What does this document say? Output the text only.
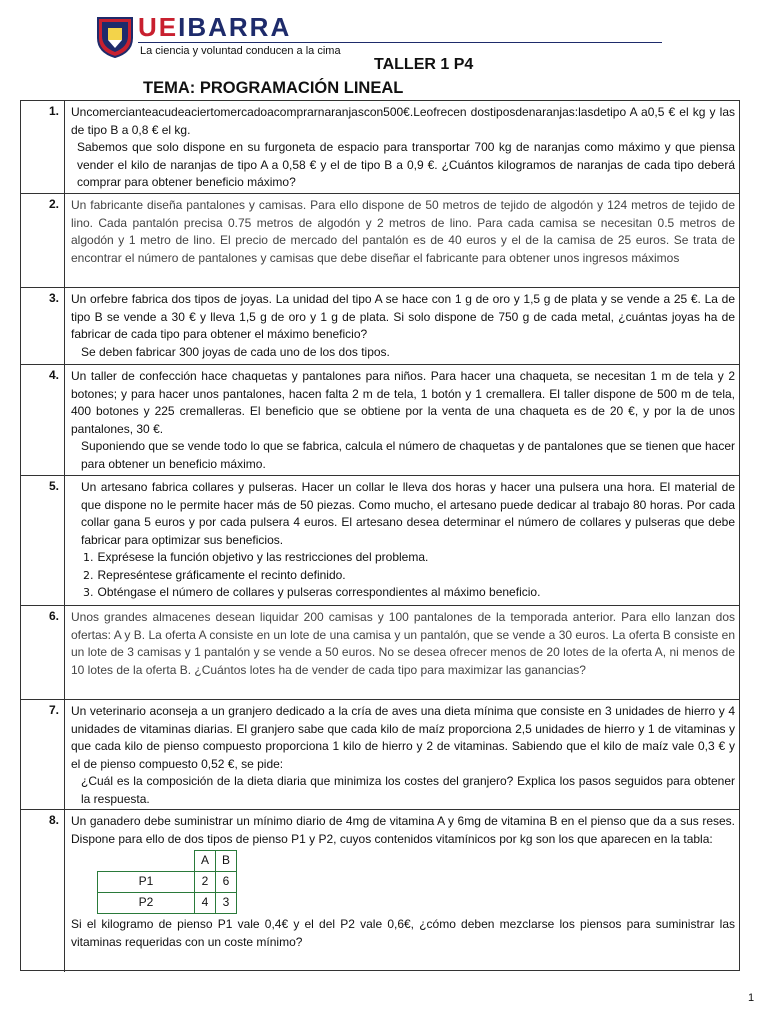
UEIBARRA
La ciencia y voluntad conducen a la cima
TALLER 1 P4
TEMA: PROGRAMACIÓN LINEAL
1.	Uncomercianteacudeaciertomercadoacomprarnaranjascon500€.Leofrecen dostiposdenaranjas:lasdetipo A a0,5 € el kg y las de tipo B a 0,8 € el kg.

Sabemos que solo dispone en su furgoneta de espacio para transportar 700 kg de naranjas como máximo y que piensa vender el kilo de naranjas de tipo A a 0,58 € y el de tipo B a 0,9 €. ¿Cuántos kilogramos de naranjas de cada tipo deberá comprar para obtener beneficio máximo?

2.	Un fabricante diseña pantalones y camisas. Para ello dispone de 50 metros de tejido de algodón y 124 metros de tejido de lino. Cada pantalón precisa 0.75 metros de algodón y 2 metros de lino. Para cada camisa se necesitan 0.5 metros de algodón y 1 metro de lino. El precio de mercado del pantalón es de 40 euros y el de la camisa de 25 euros. Se trata de encontrar el número de pantalones y camisas que debe diseñar el fabricante para obtener unos ingresos máximos

3.	Un orfebre fabrica dos tipos de joyas. La unidad del tipo A se hace con 1 g de oro y 1,5 g de plata y se vende a 25 €. La de tipo B se vende a 30 € y lleva 1,5 g de oro y 1 g de plata. Si solo dispone de 750 g de cada metal, ¿cuántas joyas ha de fabricar de cada tipo para obtener el máximo beneficio?

Se deben fabricar 300 joyas de cada uno de los dos tipos.

4.	Un taller de confección hace chaquetas y pantalones para niños. Para hacer una chaqueta, se necesitan 1 m de tela y 2 botones; y para hacer unos pantalones, hacen falta 2 m de tela, 1 botón y 1 cremallera. El taller dispone de 500 m de tela, 400 botones y 225 cremalleras. El beneficio que se obtiene por la venta de una chaqueta es de 20 €, y por la de unos pantalones, 30 €.

Suponiendo que se vende todo lo que se fabrica, calcula el número de chaquetas y de pantalones que se tienen que hacer para obtener un beneficio máximo.

5.	Un artesano fabrica collares y pulseras. Hacer un collar le lleva dos horas y hacer una pulsera una hora. El material de que dispone no le permite hacer más de 50 piezas. Como mucho, el artesano puede dedicar al trabajo 80 horas. Por cada collar gana 5 euros y por cada pulsera 4 euros. El artesano desea determinar el número de collares y pulseras que debe fabricar para optimizar sus beneficios.

1. Exprésese la función objetivo y las restricciones del problema.
2. Represéntese gráficamente el recinto definido.
3. Obténgase el número de collares y pulseras correspondientes al máximo beneficio.
6.	Unos grandes almacenes desean liquidar 200 camisas y 100 pantalones de la temporada anterior. Para ello lanzan dos ofertas: A y B. La oferta A consiste en un lote de una camisa y un pantalón, que se vende a 30 euros. La oferta B consiste en un lote de 3 camisas y 1 pantalón y se vende a 50 euros. No se desea ofrecer menos de 20 lotes de la oferta A, ni menos de 10 lotes de la oferta B. ¿Cuántos lotes ha de vender de cada tipo para maximizar las ganancias?

7.	Un veterinario aconseja a un granjero dedicado a la cría de aves una dieta mínima que consiste en 3 unidades de hierro y 4 unidades de vitaminas diarias. El granjero sabe que cada kilo de maíz proporciona 2,5 unidades de hierro y 1 de vitaminas y que cada kilo de pienso compuesto proporciona 1 kilo de hierro y 2 de vitaminas. Sabiendo que el kilo de maíz vale 0,3 € y el de pienso compuesto 0,52 €, se pide:

¿Cuál es la composición de la dieta diaria que minimiza los costes del granjero? Explica los pasos seguidos para obtener la respuesta.

8.	Un ganadero debe suministrar un mínimo diario de 4mg de vitamina A y 6mg de vitamina B en el pienso que da a sus reses. Dispone para ello de dos tipos de pienso P1 y P2, cuyos contenidos vitamínicos por kg son los que aparecen en la tabla:

	A	B
P1	2	6
P2	4	3

Si el kilogramo de pienso P1 vale 0,4€ y el del P2 vale 0,6€, ¿cómo deben mezclarse los piensos para suministrar las vitaminas requeridas con un coste mínimo?

1
